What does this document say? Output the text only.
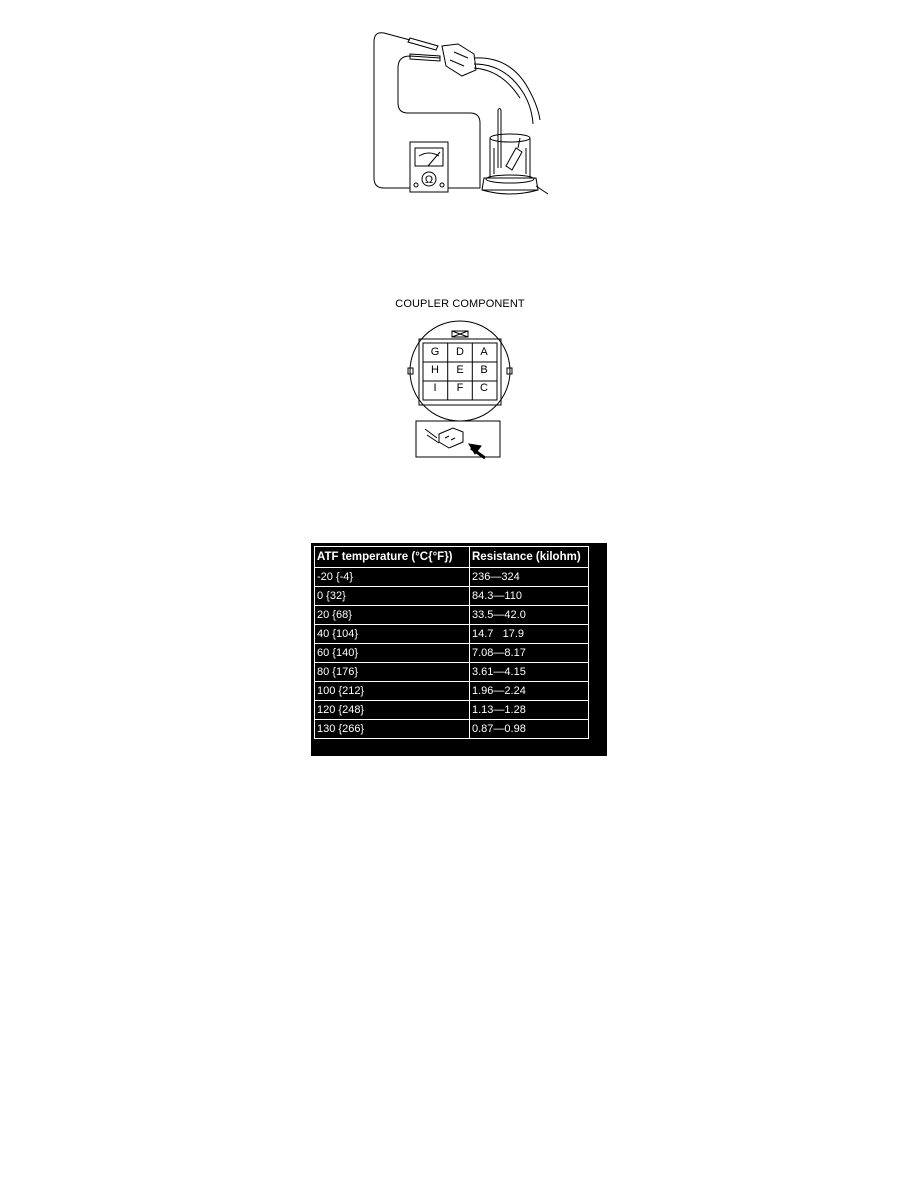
Ω
COUPLER COMPONENT
G	D	A
H	E	B
I	F	C
ATF temperature (°C{°F})	Resistance (kilohm)
-20 {-4}	236—324
0 {32}	84.3—110
20 {68}	33.5—42.0
40 {104}	14.7   17.9
60 {140}	7.08—8.17
80 {176}	3.61—4.15
100 {212}	1.96—2.24
120 {248}	1.13—1.28
130 {266}	0.87—0.98
